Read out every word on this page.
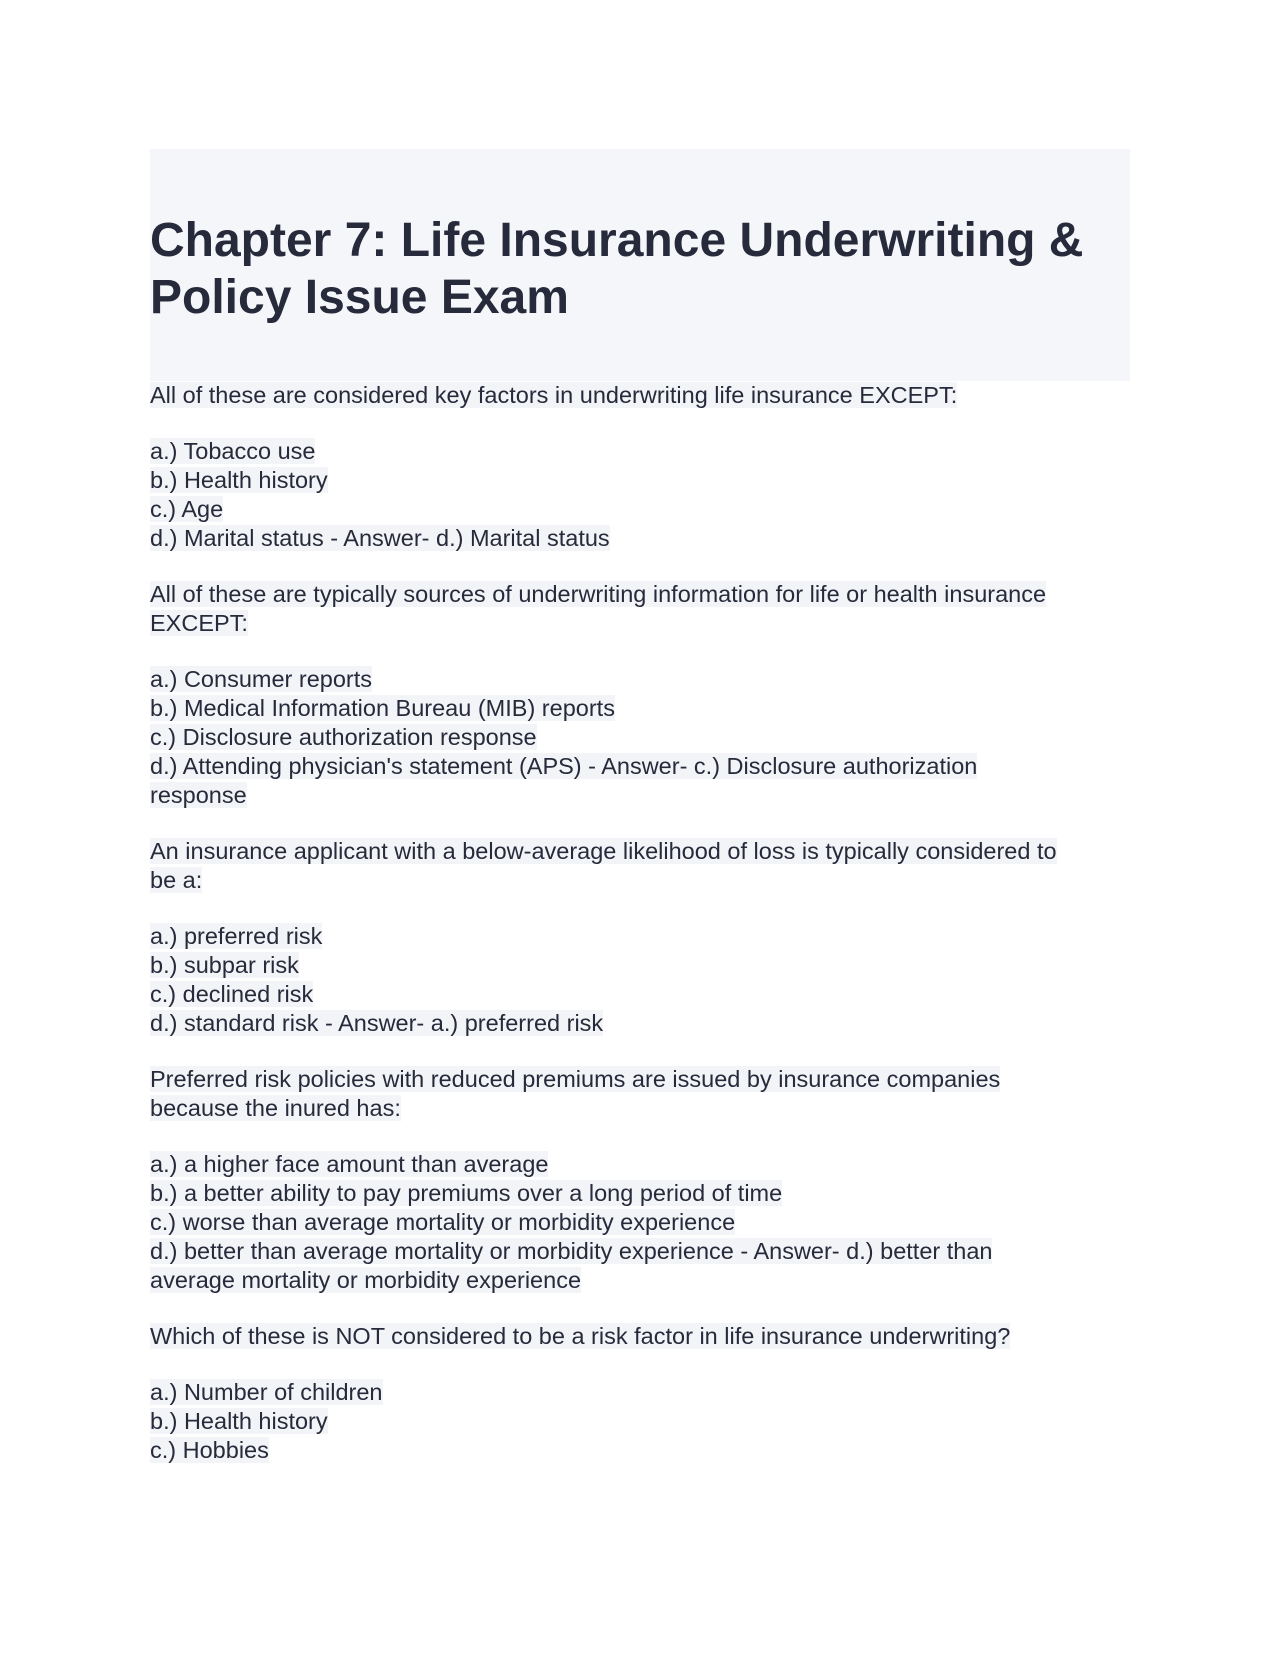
Chapter 7: Life Insurance Underwriting &
Policy Issue Exam
All of these are considered key factors in underwriting life insurance EXCEPT:
a.) Tobacco use
b.) Health history
c.) Age
d.) Marital status - Answer- d.) Marital status
All of these are typically sources of underwriting information for life or health insurance
EXCEPT:
a.) Consumer reports
b.) Medical Information Bureau (MIB) reports
c.) Disclosure authorization response
d.) Attending physician's statement (APS) - Answer- c.) Disclosure authorization
response
An insurance applicant with a below-average likelihood of loss is typically considered to
be a:
a.) preferred risk
b.) subpar risk
c.) declined risk
d.) standard risk - Answer- a.) preferred risk
Preferred risk policies with reduced premiums are issued by insurance companies
because the inured has:
a.) a higher face amount than average
b.) a better ability to pay premiums over a long period of time
c.) worse than average mortality or morbidity experience
d.) better than average mortality or morbidity experience - Answer- d.) better than
average mortality or morbidity experience
Which of these is NOT considered to be a risk factor in life insurance underwriting?
a.) Number of children
b.) Health history
c.) Hobbies
